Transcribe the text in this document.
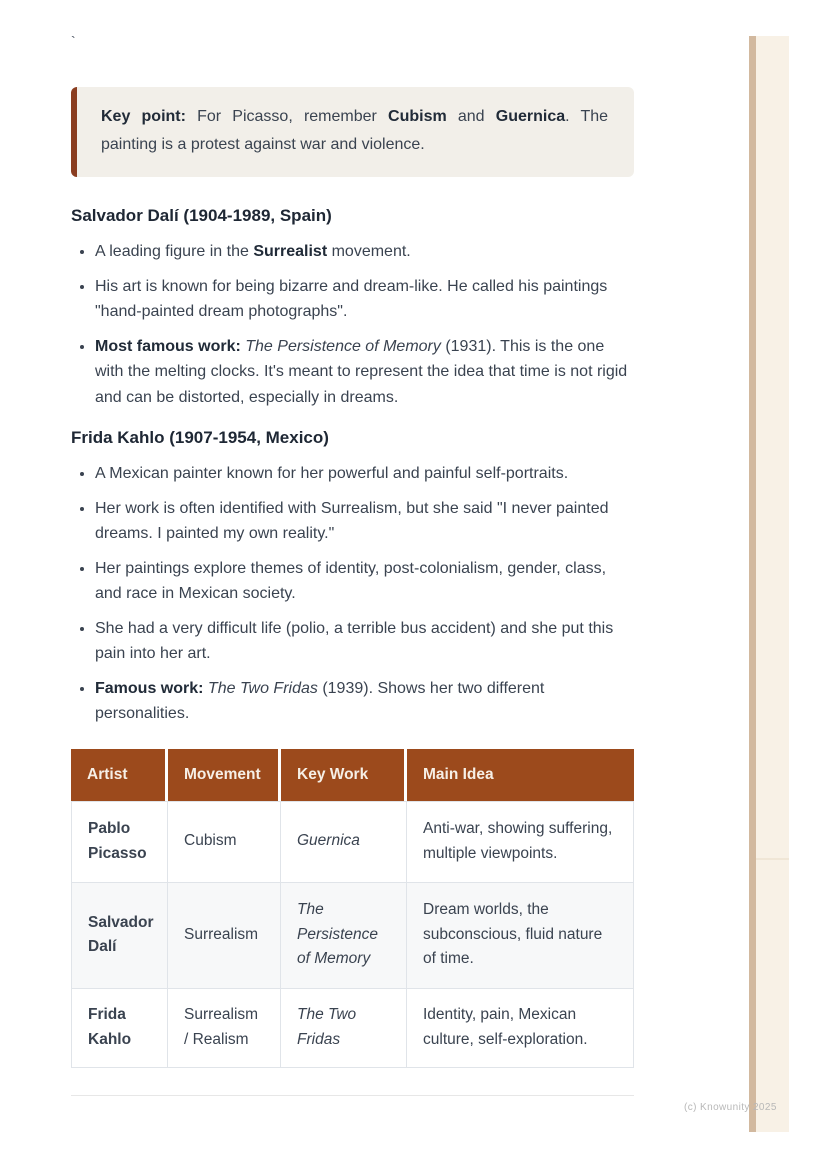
`

Key point: For Picasso, remember Cubism and Guernica. The painting is a protest against war and violence.

Salvador Dalí (1904-1989, Spain)
• A leading figure in the Surrealist movement.
• His art is known for being bizarre and dream-like. He called his paintings "hand-painted dream photographs".
• Most famous work: The Persistence of Memory (1931). This is the one with the melting clocks. It's meant to represent the idea that time is not rigid and can be distorted, especially in dreams.
Frida Kahlo (1907-1954, Mexico)
• A Mexican painter known for her powerful and painful self-portraits.
• Her work is often identified with Surrealism, but she said "I never painted dreams. I painted my own reality."
• Her paintings explore themes of identity, post-colonialism, gender, class, and race in Mexican society.
• She had a very difficult life (polio, a terrible bus accident) and she put this pain into her art.
• Famous work: The Two Fridas (1939). Shows her two different personalities.
Artist	Movement	Key Work	Main Idea
Pablo Picasso	Cubism	Guernica	Anti-war, showing suffering, multiple viewpoints.
Salvador Dalí	Surrealism	The Persistence of Memory	Dream worlds, the subconscious, fluid nature of time.
Frida Kahlo	Surrealism / Realism	The Two Fridas	Identity, pain, Mexican culture, self-exploration.
(c) Knowunity 2025
